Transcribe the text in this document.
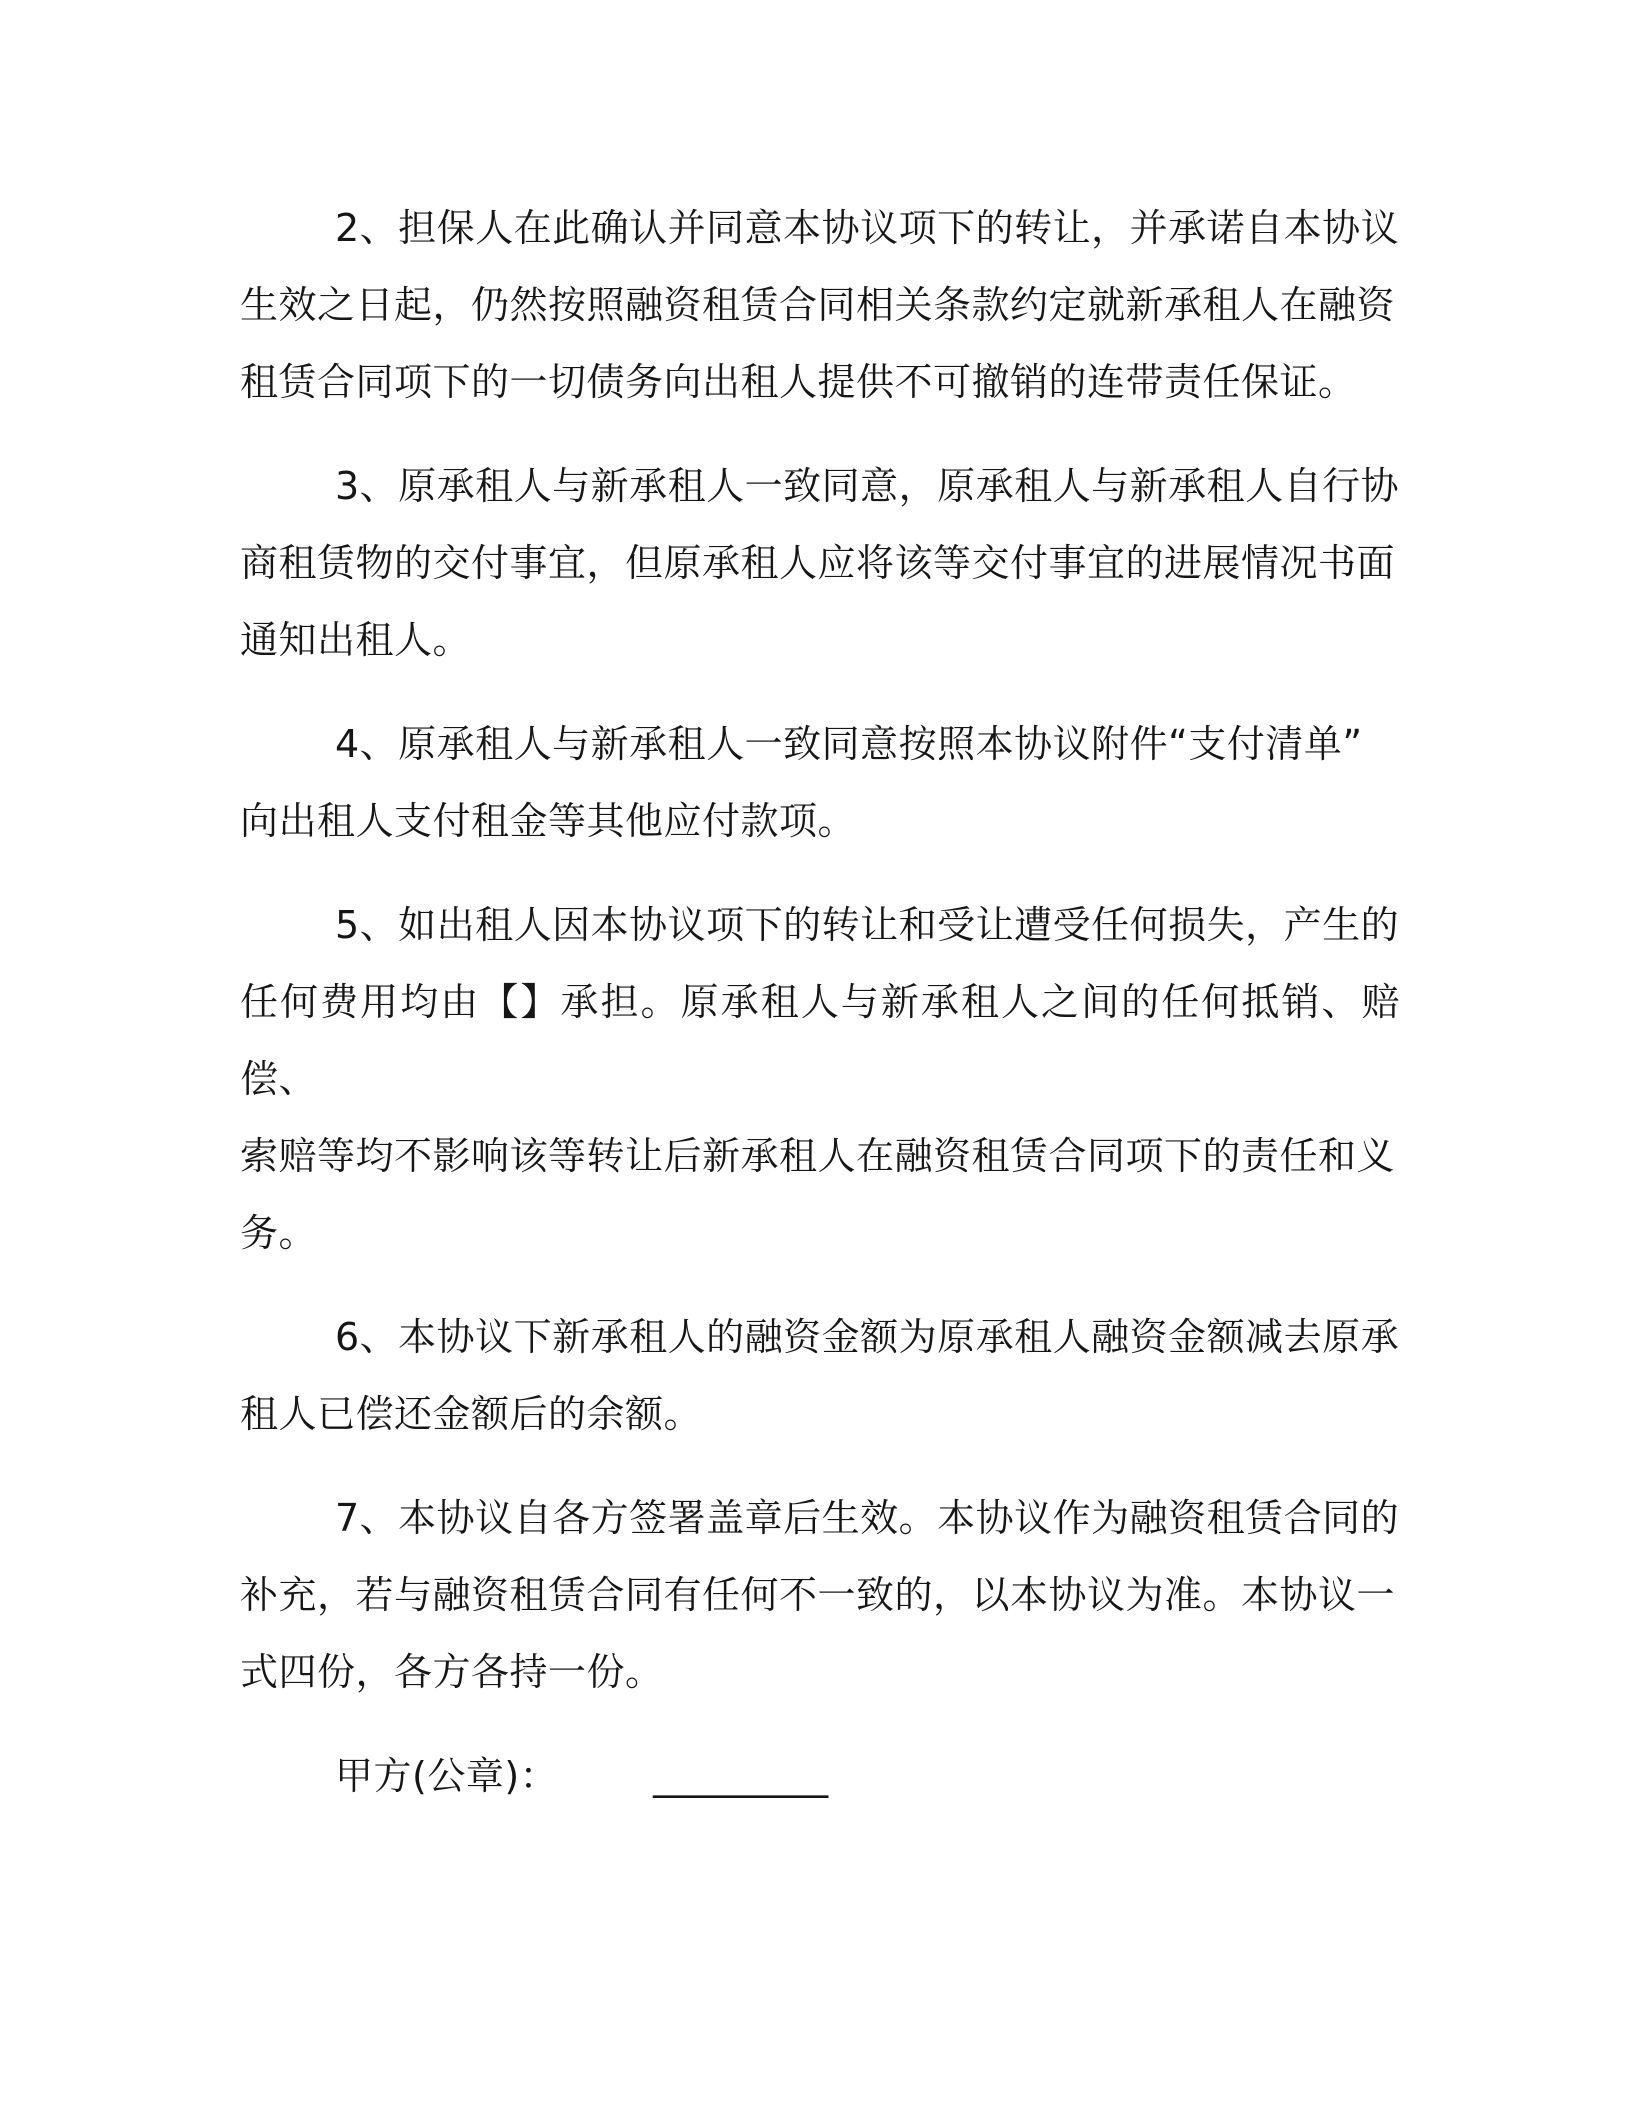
2、担保人在此确认并同意本协议项下的转让，并承诺自本协议
生效之日起，仍然按照融资租赁合同相关条款约定就新承租人在融资
租赁合同项下的一切债务向出租人提供不可撤销的连带责任保证。

3、原承租人与新承租人一致同意，原承租人与新承租人自行协
商租赁物的交付事宜，但原承租人应将该等交付事宜的进展情况书面
通知出租人。

4、原承租人与新承租人一致同意按照本协议附件“支付清单”
向出租人支付租金等其他应付款项。

5、如出租人因本协议项下的转让和受让遭受任何损失，产生的
任何费用均由【】承担。原承租人与新承租人之间的任何抵销、赔偿、
索赔等均不影响该等转让后新承租人在融资租赁合同项下的责任和义
务。

6、本协议下新承租人的融资金额为原承租人融资金额减去原承
租人已偿还金额后的余额。

7、本协议自各方签署盖章后生效。本协议作为融资租赁合同的
补充，若与融资租赁合同有任何不一致的，以本协议为准。本协议一
式四份，各方各持一份。

甲方(公章)：	_________
